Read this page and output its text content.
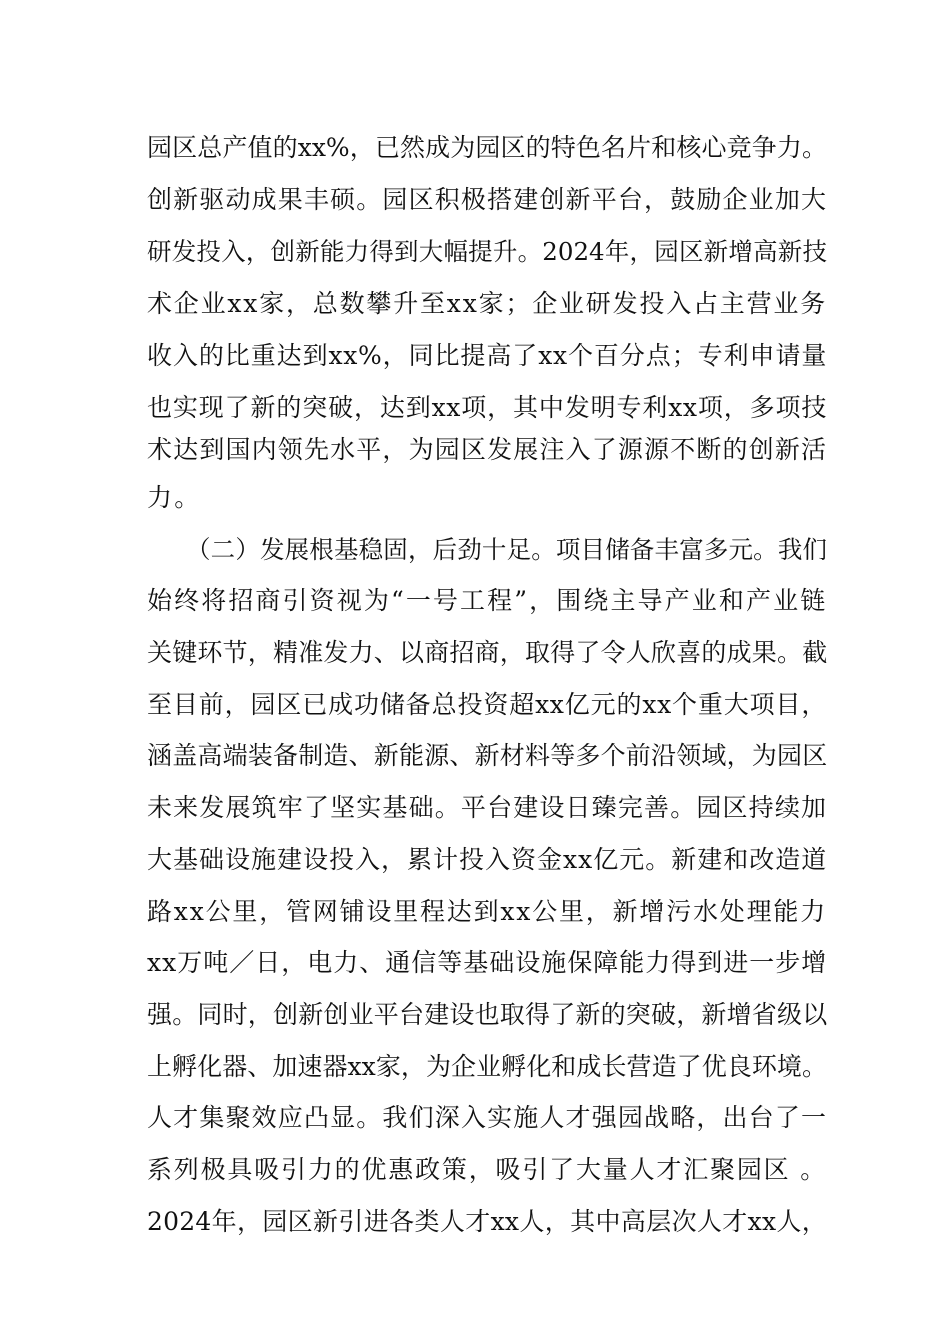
园区总产值的xx%，已然成为园区的特色名片和核心竞争力。
创新驱动成果丰硕。园区积极搭建创新平台，鼓励企业加大
研发投入，创新能力得到大幅提升。2024年，园区新增高新技
术企业xx家，总数攀升至xx家；企业研发投入占主营业务
收入的比重达到xx%，同比提高了xx个百分点；专利申请量
也实现了新的突破，达到xx项，其中发明专利xx项，多项技
术达到国内领先水平，为园区发展注入了源源不断的创新活
力。
（二）发展根基稳固，后劲十足。项目储备丰富多元。我们
始终将招商引资视为“一号工程”，围绕主导产业和产业链
关键环节，精准发力、以商招商，取得了令人欣喜的成果。截
至目前，园区已成功储备总投资超xx亿元的xx个重大项目，
涵盖高端装备制造、新能源、新材料等多个前沿领域，为园区
未来发展筑牢了坚实基础。平台建设日臻完善。园区持续加
大基础设施建设投入，累计投入资金xx亿元。新建和改造道
路xx公里，管网铺设里程达到xx公里，新增污水处理能力
xx万吨／日，电力、通信等基础设施保障能力得到进一步增
强。同时，创新创业平台建设也取得了新的突破，新增省级以
上孵化器、加速器xx家，为企业孵化和成长营造了优良环境。
人才集聚效应凸显。我们深入实施人才强园战略，出台了一
系列极具吸引力的优惠政策，吸引了大量人才汇聚园区 。
2024年，园区新引进各类人才xx人，其中高层次人才xx人，
